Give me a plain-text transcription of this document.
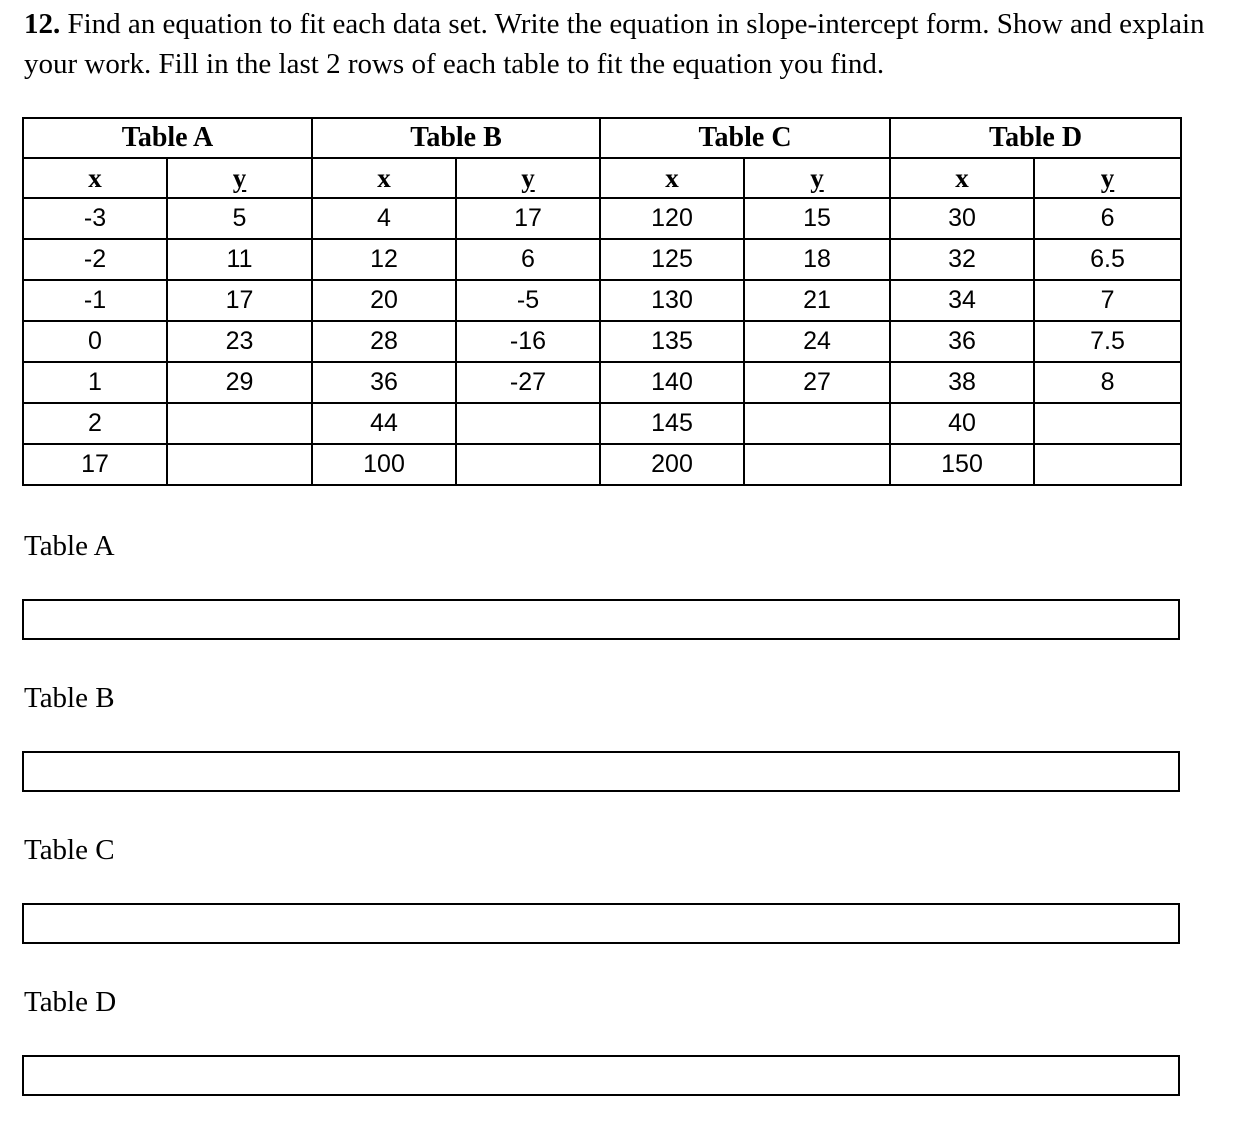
12. Find an equation to fit each data set. Write the equation in slope-intercept form. Show and explain your work. Fill in the last 2 rows of each table to fit the equation you find.

Table A		Table B		Table C		Table D	
x	y	x	y	x	y	x	y
-3	5	4	17	120	15	30	6
-2	11	12	6	125	18	32	6.5
-1	17	20	-5	130	21	34	7
0	23	28	-16	135	24	36	7.5
1	29	36	-27	140	27	38	8
2		44		145		40	
17		100		200		150	
Table A
Table B
Table C
Table D
